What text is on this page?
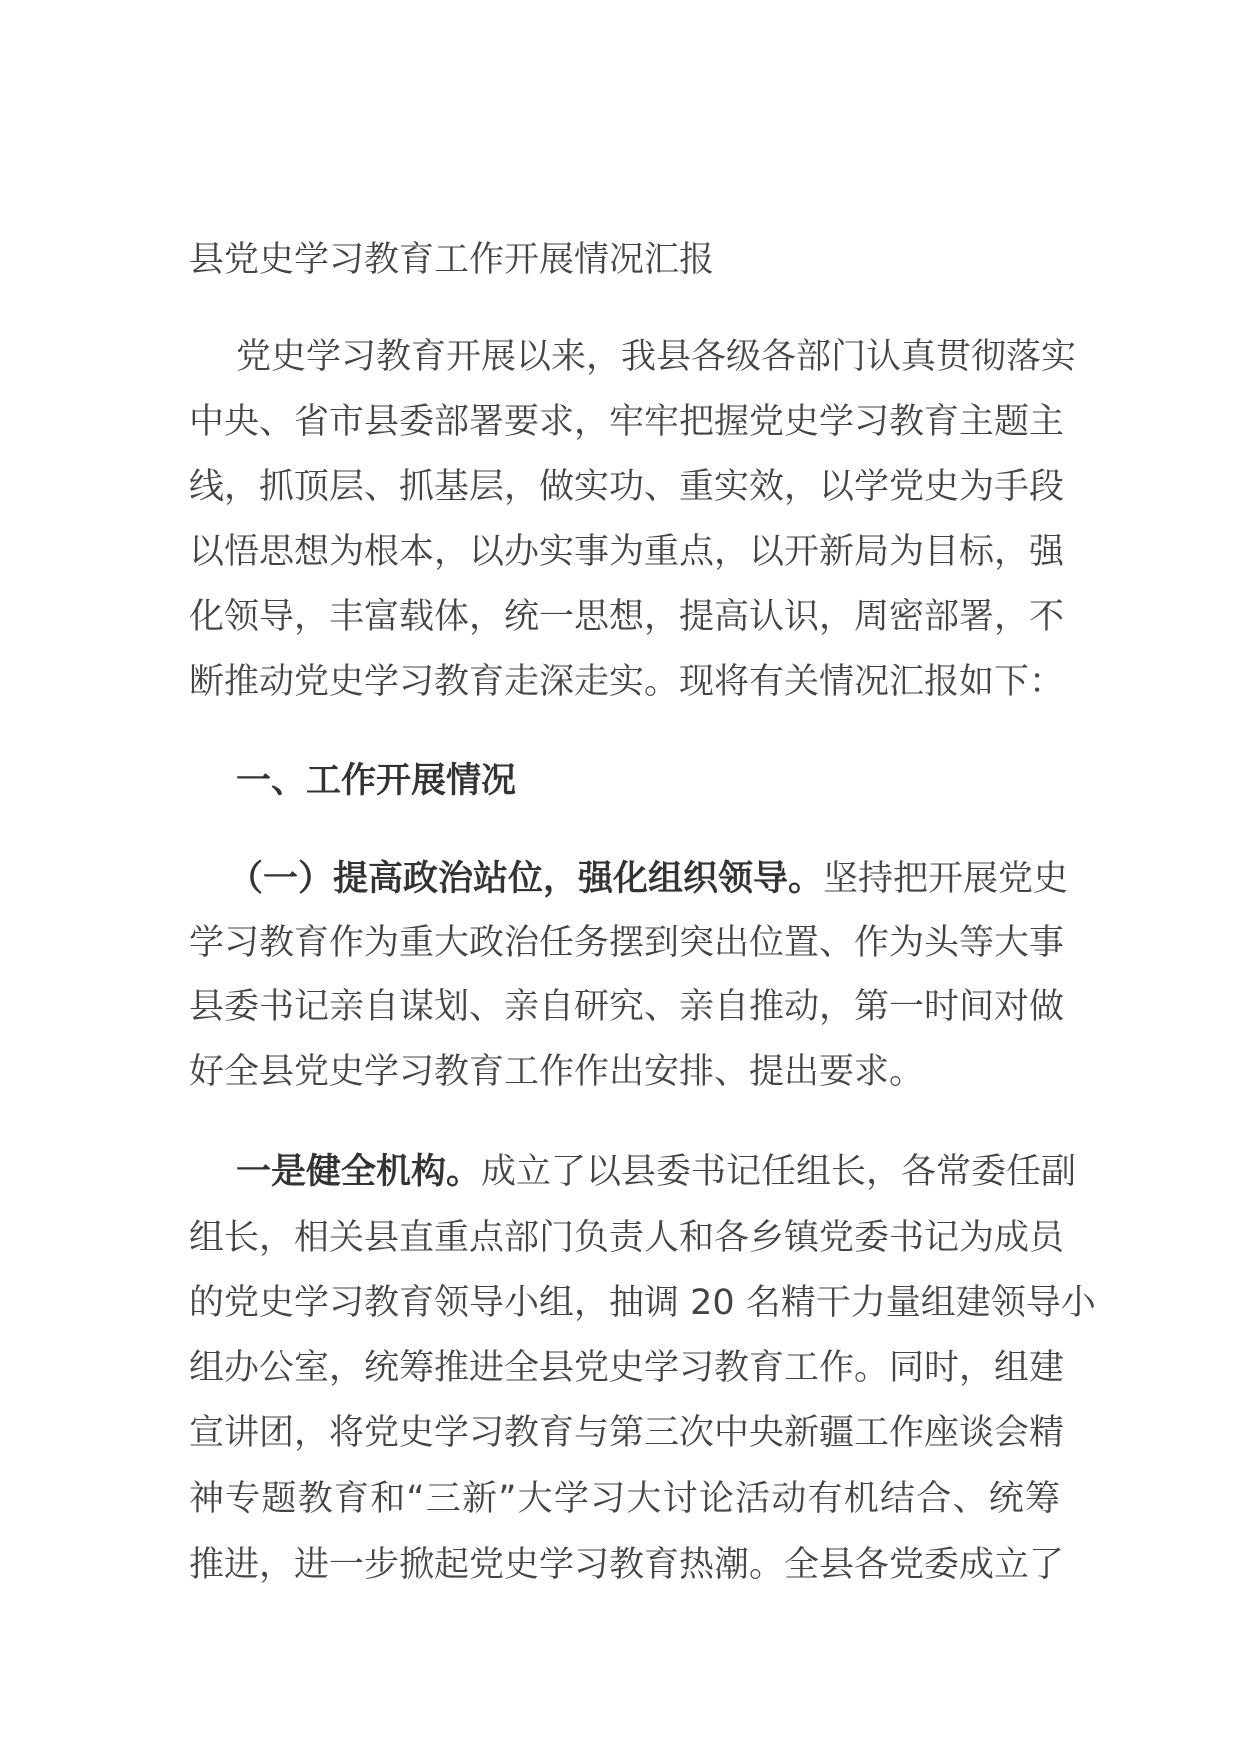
县党史学习教育工作开展情况汇报
党史学习教育开展以来，我县各级各部门认真贯彻落实
中央、省市县委部署要求，牢牢把握党史学习教育主题主
线，抓顶层、抓基层，做实功、重实效，以学党史为手段
以悟思想为根本，以办实事为重点，以开新局为目标，强
化领导，丰富载体，统一思想，提高认识，周密部署，不
断推动党史学习教育走深走实。现将有关情况汇报如下：
一、工作开展情况
（一）提高政治站位，强化组织领导。坚持把开展党史
学习教育作为重大政治任务摆到突出位置、作为头等大事
县委书记亲自谋划、亲自研究、亲自推动，第一时间对做
好全县党史学习教育工作作出安排、提出要求。
一是健全机构。成立了以县委书记任组长，各常委任副
组长，相关县直重点部门负责人和各乡镇党委书记为成员
的党史学习教育领导小组，抽调 20 名精干力量组建领导小
组办公室，统筹推进全县党史学习教育工作。同时，组建
宣讲团，将党史学习教育与第三次中央新疆工作座谈会精
神专题教育和“三新”大学习大讨论活动有机结合、统筹
推进，进一步掀起党史学习教育热潮。全县各党委成立了
